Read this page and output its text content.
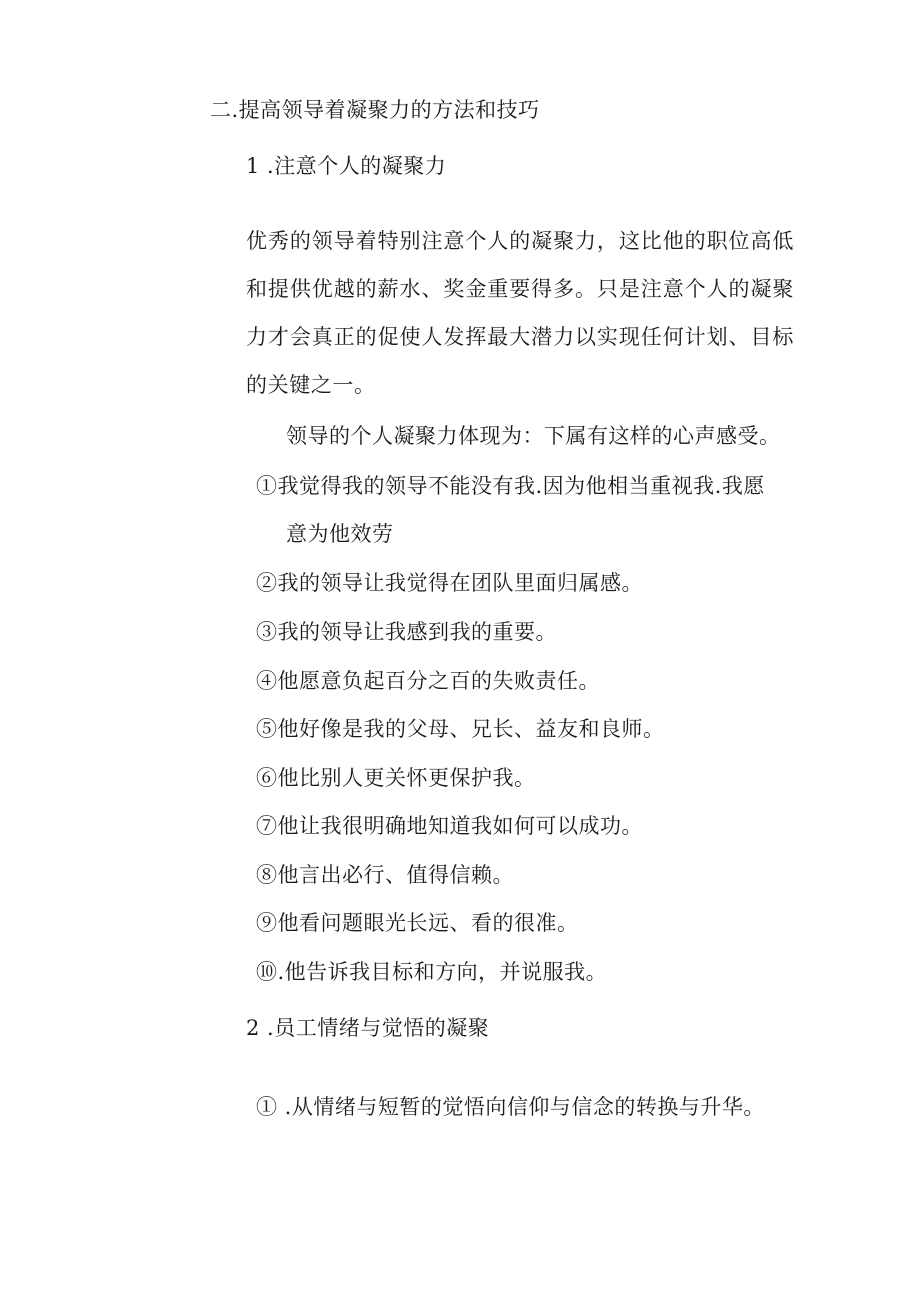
二.提高领导着凝聚力的方法和技巧
1 .注意个人的凝聚力
优秀的领导着特别注意个人的凝聚力，这比他的职位高低和提供优越的薪水、奖金重要得多。只是注意个人的凝聚力才会真正的促使人发挥最大潜力以实现任何计划、目标的关键之一。
领导的个人凝聚力体现为：下属有这样的心声感受。
①我觉得我的领导不能没有我.因为他相当重视我.我愿
意为他效劳
②我的领导让我觉得在团队里面归属感。
③我的领导让我感到我的重要。
④他愿意负起百分之百的失败责任。
⑤他好像是我的父母、兄长、益友和良师。
⑥他比别人更关怀更保护我。
⑦他让我很明确地知道我如何可以成功。
⑧他言出必行、值得信赖。
⑨他看问题眼光长远、看的很准。
⑩.他告诉我目标和方向，并说服我。
2 .员工情绪与觉悟的凝聚
① .从情绪与短暂的觉悟向信仰与信念的转换与升华。
